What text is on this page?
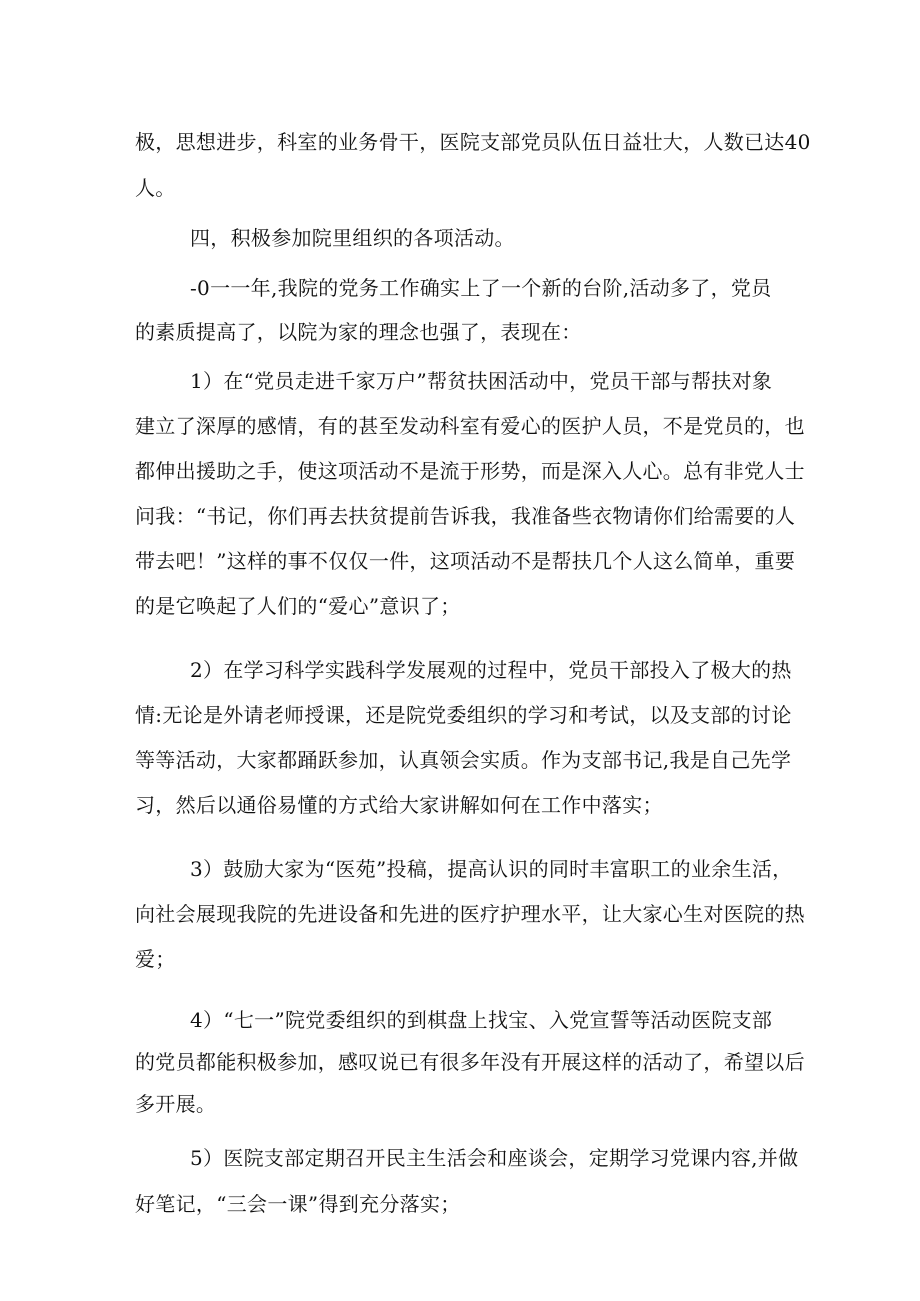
极，思想进步，科室的业务骨干，医院支部党员队伍日益壮大，人数已达40
人。
四，积极参加院里组织的各项活动。
-0一一年,我院的党务工作确实上了一个新的台阶,活动多了，党员
的素质提高了，以院为家的理念也强了，表现在：
1）在“党员走进千家万户”帮贫扶困活动中，党员干部与帮扶对象
建立了深厚的感情，有的甚至发动科室有爱心的医护人员，不是党员的，也
都伸出援助之手，使这项活动不是流于形势，而是深入人心。总有非党人士
问我：“书记，你们再去扶贫提前告诉我，我准备些衣物请你们给需要的人
带去吧！”这样的事不仅仅一件，这项活动不是帮扶几个人这么简单，重要
的是它唤起了人们的“爱心”意识了；
2）在学习科学实践科学发展观的过程中，党员干部投入了极大的热
情:无论是外请老师授课，还是院党委组织的学习和考试，以及支部的讨论
等等活动，大家都踊跃参加，认真领会实质。作为支部书记,我是自己先学
习，然后以通俗易懂的方式给大家讲解如何在工作中落实；
3）鼓励大家为“医苑”投稿，提高认识的同时丰富职工的业余生活，
向社会展现我院的先进设备和先进的医疗护理水平，让大家心生对医院的热
爱；
4）“七一”院党委组织的到棋盘上找宝、入党宣誓等活动医院支部
的党员都能积极参加，感叹说已有很多年没有开展这样的活动了，希望以后
多开展。
5）医院支部定期召开民主生活会和座谈会，定期学习党课内容,并做
好笔记，“三会一课”得到充分落实；
